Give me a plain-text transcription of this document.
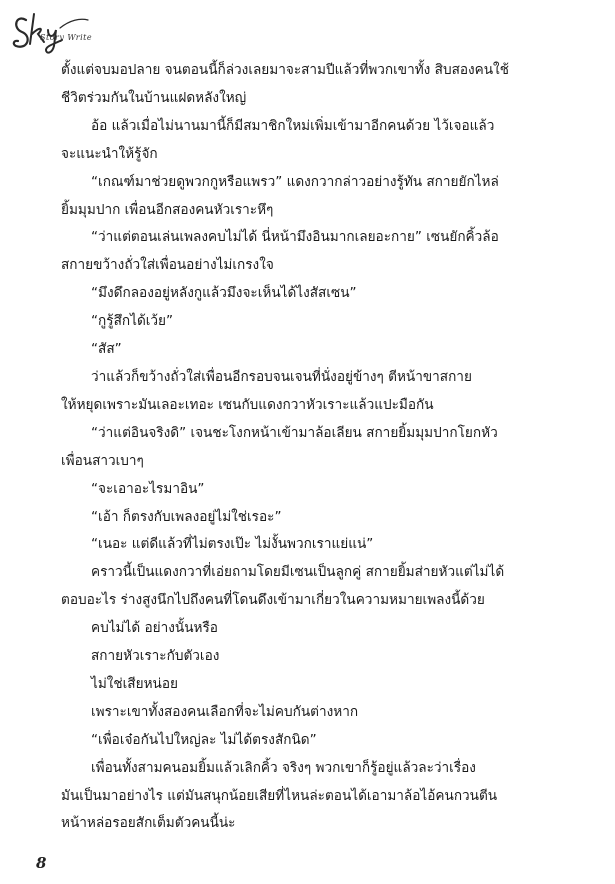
Story Write

ตั้งแต่จบมอปลาย จนตอนนี้ก็ล่วงเลยมาจะสามปีแล้วที่พวกเขาทั้ง สิบสองคนใช้

ชีวิตร่วมกันในบ้านแฝดหลังใหญ่

อ้อ แล้วเมื่อไม่นานมานี้ก็มีสมาชิกใหม่เพิ่มเข้ามาอีกคนด้วย ไว้เจอแล้ว

จะแนะนำให้รู้จัก

“เกณฑ์มาช่วยดูพวกกูหรือแพรว” แดงกวากล่าวอย่างรู้ทัน สกายยักไหล่

ยิ้มมุมปาก เพื่อนอีกสองคนหัวเราะหึๆ

“ว่าแต่ตอนเล่นเพลงคบไม่ได้ นี่หน้ามึงอินมากเลยอะกาย” เซนยักคิ้วล้อ

สกายขว้างถั่วใส่เพื่อนอย่างไม่เกรงใจ

“มึงดึกลองอยู่หลังกูแล้วมึงจะเห็นได้ไงสัสเซน”

“กูรู้สึกได้เว้ย”

“สัส”

ว่าแล้วก็ขว้างถั่วใส่เพื่อนอีกรอบจนเจนที่นั่งอยู่ข้างๆ ตีหน้าขาสกาย

ให้หยุดเพราะมันเลอะเทอะ เซนกับแดงกวาหัวเราะแล้วแปะมือกัน

“ว่าแต่อินจริงดิ” เจนชะโงกหน้าเข้ามาล้อเลียน สกายยิ้มมุมปากโยกหัว

เพื่อนสาวเบาๆ

“จะเอาอะไรมาอิน”

“เอ้า ก็ตรงกับเพลงอยู่ไม่ใช่เรอะ”

“เนอะ แต่ดีแล้วที่ไม่ตรงเป๊ะ ไม่งั้นพวกเราแย่แน่”

คราวนี้เป็นแดงกวาที่เอ่ยถามโดยมีเซนเป็นลูกคู่ สกายยิ้มส่ายหัวแต่ไม่ได้

ตอบอะไร ร่างสูงนึกไปถึงคนที่โดนดึงเข้ามาเกี่ยวในความหมายเพลงนี้ด้วย

คบไม่ได้ อย่างนั้นหรือ

สกายหัวเราะกับตัวเอง

ไม่ใช่เสียหน่อย

เพราะเขาทั้งสองคนเลือกที่จะไม่คบกันต่างหาก

“เพื่อเจ๋อกันไปใหญ่ละ ไม่ได้ตรงสักนิด”

เพื่อนทั้งสามคนอมยิ้มแล้วเลิกคิ้ว จริงๆ พวกเขาก็รู้อยู่แล้วละว่าเรื่อง

มันเป็นมาอย่างไร แต่มันสนุกน้อยเสียที่ไหนล่ะตอนได้เอามาล้อไอ้คนกวนตีน

หน้าหล่อรอยสักเต็มตัวคนนี้น่ะ

8
